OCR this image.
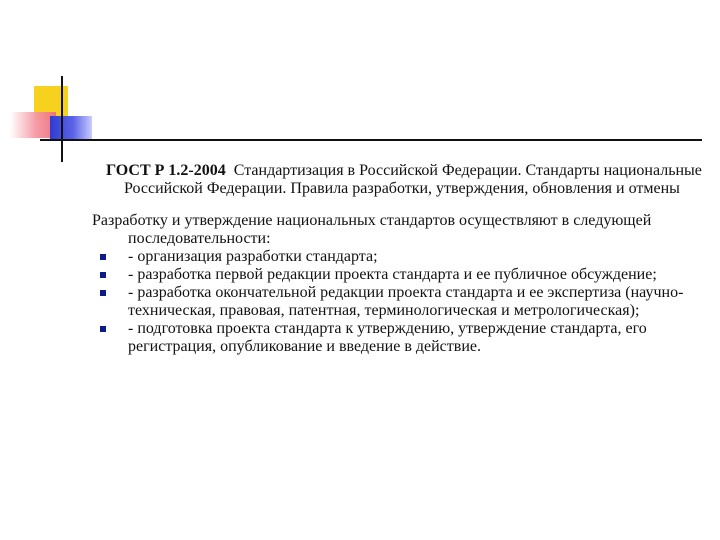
ГОСТ Р 1.2-2004 Стандартизация в Российской Федерации. Стандарты национальные Российской Федерации. Правила разработки, утверждения, обновления и отмены

Разработку и утверждение национальных стандартов осуществляют в следующей последовательности:

- организация разработки стандарта;
- разработка первой редакции проекта стандарта и ее публичное обсуждение;
- разработка окончательной редакции проекта стандарта и ее экспертиза (научно-техническая, правовая, патентная, терминологическая и метрологическая);
- подготовка проекта стандарта к утверждению, утверждение стандарта, его регистрация, опубликование и введение в действие.
